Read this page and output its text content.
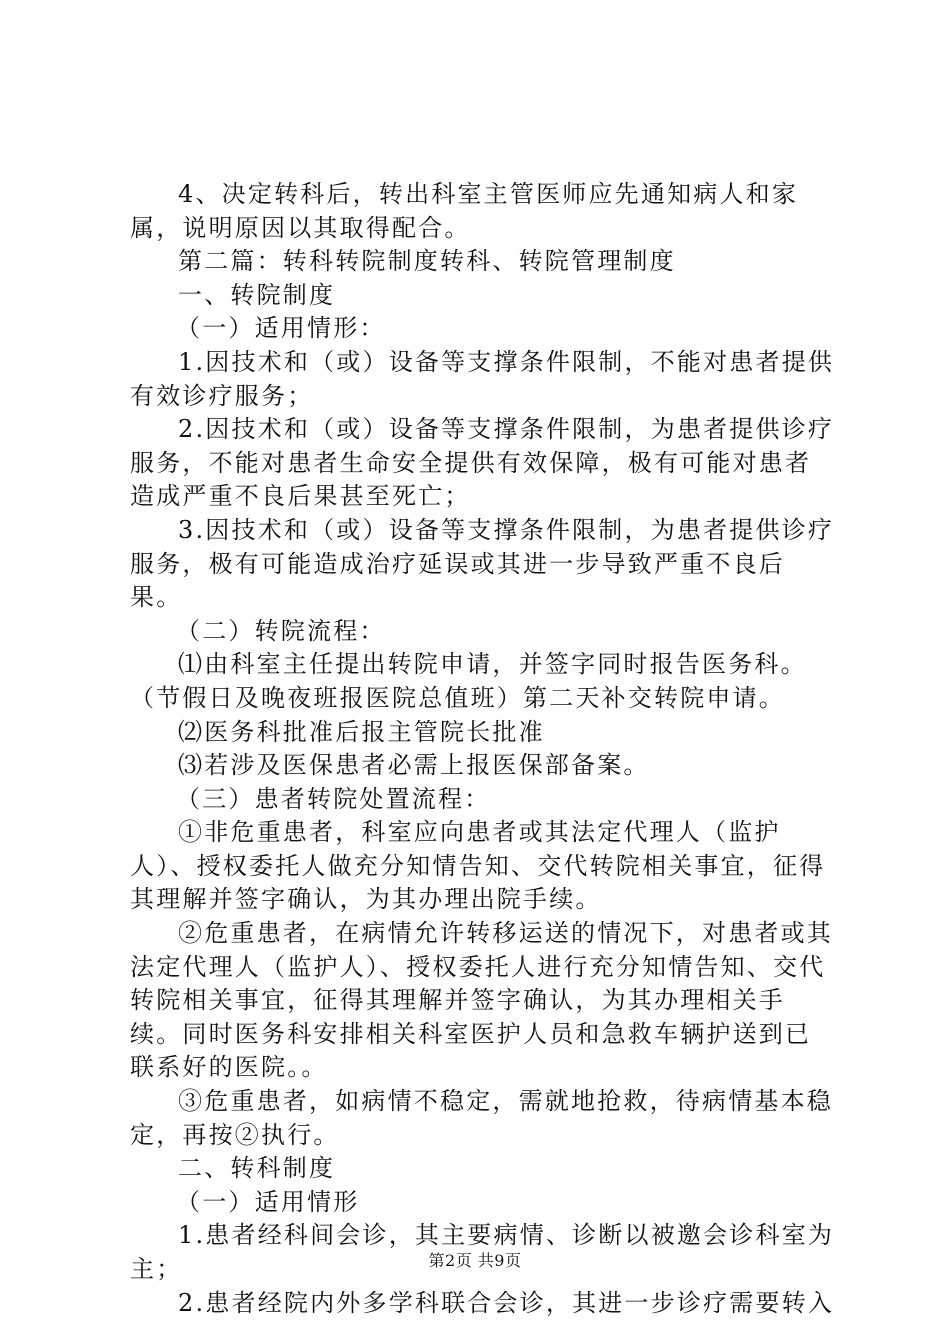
4、决定转科后，转出科室主管医师应先通知病人和家属，说明原因以其取得配合。

第二篇：转科转院制度转科、转院管理制度

一、转院制度

（一）适用情形：

1.因技术和（或）设备等支撑条件限制，不能对患者提供有效诊疗服务；

2.因技术和（或）设备等支撑条件限制，为患者提供诊疗服务，不能对患者生命安全提供有效保障，极有可能对患者造成严重不良后果甚至死亡；

3.因技术和（或）设备等支撑条件限制，为患者提供诊疗服务，极有可能造成治疗延误或其进一步导致严重不良后果。

（二）转院流程：

⑴由科室主任提出转院申请，并签字同时报告医务科。（节假日及晚夜班报医院总值班）第二天补交转院申请。

⑵医务科批准后报主管院长批准

⑶若涉及医保患者必需上报医保部备案。

（三）患者转院处置流程：

①非危重患者，科室应向患者或其法定代理人（监护人）、授权委托人做充分知情告知、交代转院相关事宜，征得其理解并签字确认，为其办理出院手续。

②危重患者，在病情允许转移运送的情况下，对患者或其法定代理人（监护人）、授权委托人进行充分知情告知、交代转院相关事宜，征得其理解并签字确认，为其办理相关手续。同时医务科安排相关科室医护人员和急救车辆护送到已联系好的医院。。

③危重患者，如病情不稳定，需就地抢救，待病情基本稳定，再按②执行。

二、转科制度

（一）适用情形

1.患者经科间会诊，其主要病情、诊断以被邀会诊科室为主；

2.患者经院内外多学科联合会诊，其进一步诊疗需要转入

第2页 共9页
